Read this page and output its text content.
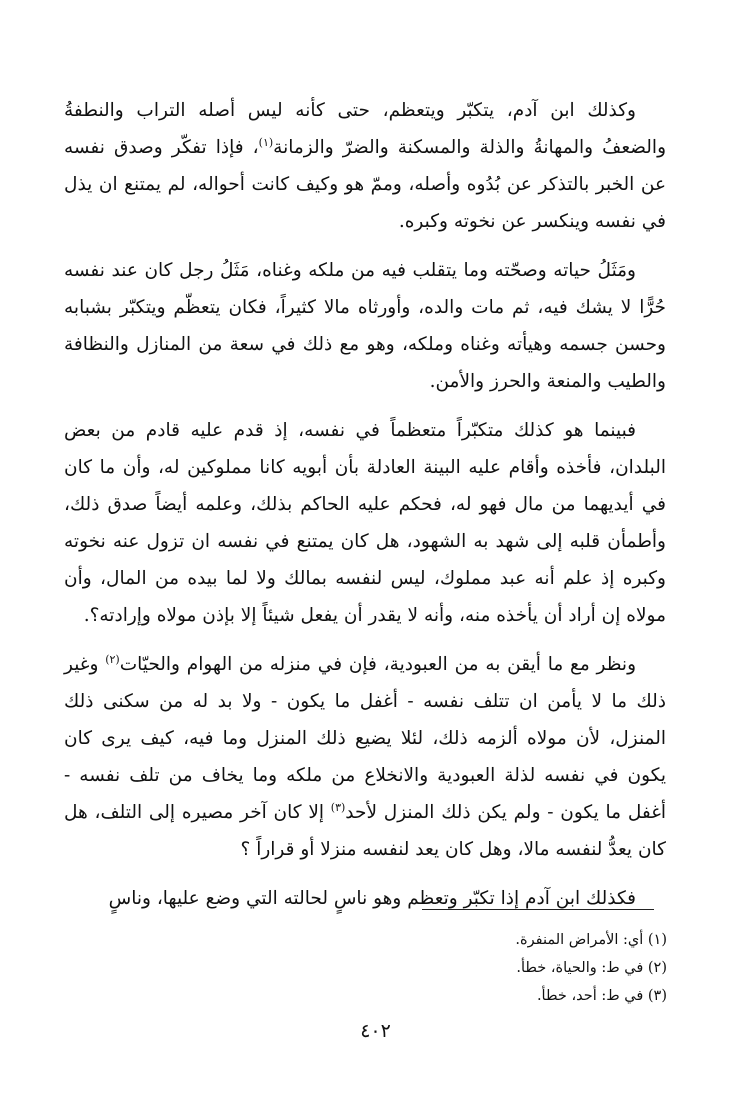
وكذلك ابن آدم، يتكبّر ويتعظم، حتى كأنه ليس أصله التراب والنطفةُ والضعفُ والمهانةُ والذلة والمسكنة والضرّ والزمانة$^{(١)}$، فإذا تفكّر وصدق نفسه عن الخبر بالتذكر عن بُدُوه وأصله، وممّ هو وكيف كانت أحواله، لم يمتنع ان يذل في نفسه وينكسر عن نخوته وكبره.

ومَثَلُ حياته وصحّته وما يتقلب فيه من ملكه وغناه، مَثَلُ رجل كان عند نفسه حُرًّا لا يشك فيه، ثم مات والده، وأورثاه مالا كثيراً، فكان يتعظّم ويتكبّر بشبابه وحسن جسمه وهيأته وغناه وملكه، وهو مع ذلك في سعة من المنازل والنظافة والطيب والمنعة والحرز والأمن.

فبينما هو كذلك متكبّراً متعظماً في نفسه، إذ قدم عليه قادم من بعض البلدان، فأخذه وأقام عليه البينة العادلة بأن أبويه كانا مملوكين له، وأن ما كان في أيديهما من مال فهو له، فحكم عليه الحاكم بذلك، وعلمه أيضاً صدق ذلك، وأطمأن قلبه إلى شهد به الشهود، هل كان يمتنع في نفسه ان تزول عنه نخوته وكبره إذ علم أنه عبد مملوك، ليس لنفسه بمالك ولا لما بيده من المال، وأن مولاه إن أراد أن يأخذه منه، وأنه لا يقدر أن يفعل شيئاً إلا بإذن مولاه وإرادته؟.

ونظر مع ما أيقن به من العبودية، فإن في منزله من الهوام والحيّات$^{(٢)}$ وغير ذلك ما لا يأمن ان تتلف نفسه - أغفل ما يكون - ولا بد له من سكنى ذلك المنزل، لأن مولاه ألزمه ذلك، لئلا يضيع ذلك المنزل وما فيه، كيف يرى كان يكون في نفسه لذلة العبودية والانخلاع من ملكه وما يخاف من تلف نفسه - أغفل ما يكون - ولم يكن ذلك المنزل لأحد$^{(٣)}$ إلا كان آخر مصيره إلى التلف، هل كان يعدُّ لنفسه مالا، وهل كان يعد لنفسه منزلا أو قراراً ؟

فكذلك ابن آدم إذا تكبّر وتعظم وهو ناسٍ لحالته التي وضع عليها، وناسٍ

(١) أي: الأمراض المنفرة.
(٢) في ط: والحياة، خطأ.
(٣) في ط: أحد، خطأ.
٤٠٢
